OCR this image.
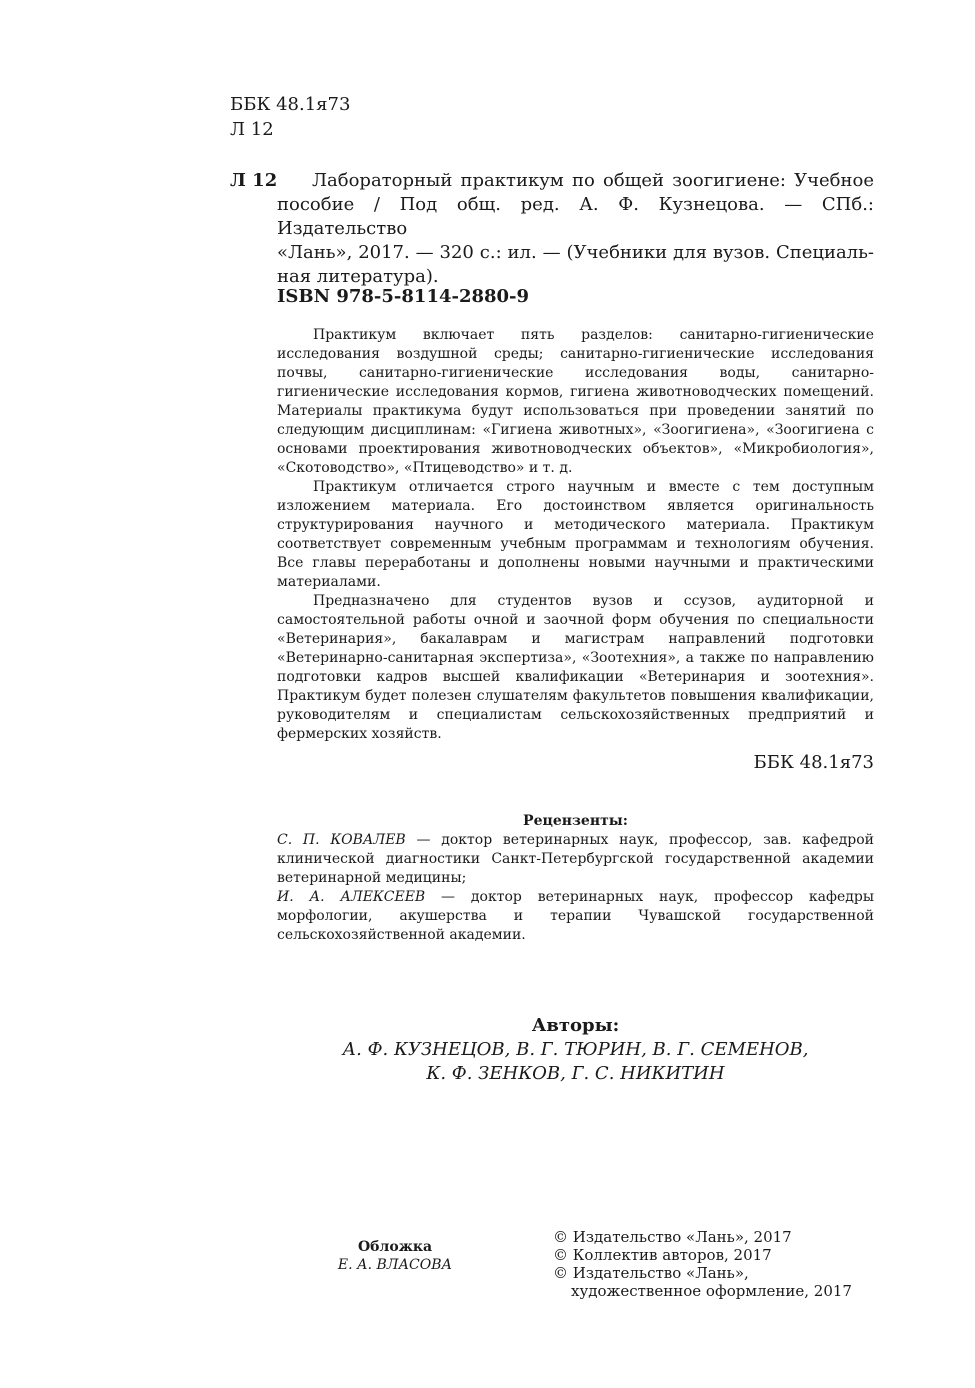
ББК 48.1я73
Л 12
Л 12	Лабораторный практикум по общей зоогигиене: Учебное
пособие / Под общ. ред. А. Ф. Кузнецова. — СПб.: Издательство
«Лань», 2017. — 320 с.: ил. — (Учебники для вузов. Специаль-
ная литература).
ISBN 978-5-8114-2880-9

Практикум включает пять разделов: санитарно-гигиенические исследования воздушной среды; санитарно-гигиенические исследования почвы, санитарно-гигиенические исследования воды, санитарно-гигиенические исследования кормов, гигиена животноводческих помещений. Материалы практикума будут использоваться при проведении занятий по следующим дисциплинам: «Гигиена животных», «Зоогигиена», «Зоогигиена с основами проектирования животноводческих объектов», «Микробиология», «Скотоводство», «Птицеводство» и т. д.

Практикум отличается строго научным и вместе с тем доступным изложением материала. Его достоинством является оригинальность структурирования научного и методического материала. Практикум соответствует современным учебным программам и технологиям обучения. Все главы переработаны и дополнены новыми научными и практическими материалами.

Предназначено для студентов вузов и ссузов, аудиторной и самостоятельной работы очной и заочной форм обучения по специальности «Ветеринария», бакалаврам и магистрам направлений подготовки «Ветеринарно-санитарная экспертиза», «Зоотехния», а также по направлению подготовки кадров высшей квалификации «Ветеринария и зоотехния». Практикум будет полезен слушателям факультетов повышения квалификации, руководителям и специалистам сельскохозяйственных предприятий и фермерских хозяйств.

ББК 48.1я73
Рецензенты:

С. П. КОВАЛЕВ — доктор ветеринарных наук, профессор, зав. кафедрой клинической диагностики Санкт-Петербургской государственной академии ветеринарной медицины;

И. А. АЛЕКСЕЕВ — доктор ветеринарных наук, профессор кафедры морфологии, акушерства и терапии Чувашской государственной сельскохозяйственной академии.

Авторы:
А. Ф. КУЗНЕЦОВ, В. Г. ТЮРИН, В. Г. СЕМЕНОВ,
К. Ф. ЗЕНКОВ, Г. С. НИКИТИН
Обложка
Е. А. ВЛАСОВА
© Издательство «Лань», 2017
© Коллектив авторов, 2017
© Издательство «Лань»,
художественное оформление, 2017
